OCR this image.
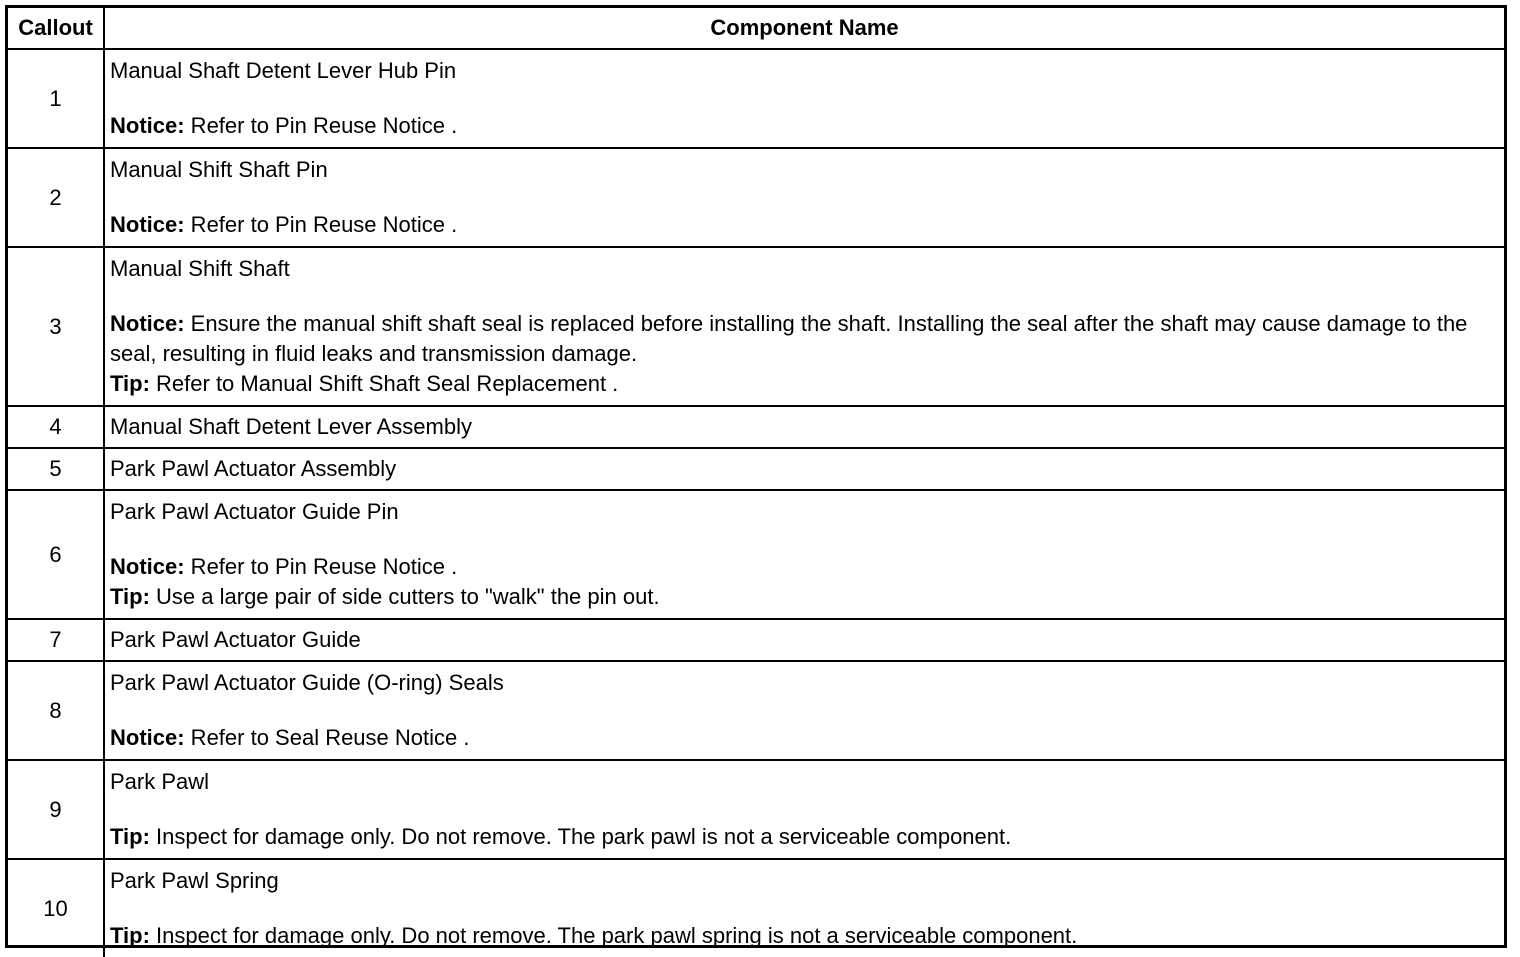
Callout	Component Name
1	Manual Shaft Detent Lever Hub Pin
Notice: Refer to Pin Reuse Notice .

2	Manual Shift Shaft Pin
Notice: Refer to Pin Reuse Notice .

3	Manual Shift Shaft
Notice: Ensure the manual shift shaft seal is replaced before installing the shaft. Installing the seal after the shaft may cause damage to the seal, resulting in fluid leaks and transmission damage.
Tip: Refer to Manual Shift Shaft Seal Replacement .

4	Manual Shaft Detent Lever Assembly

5	Park Pawl Actuator Assembly

6	Park Pawl Actuator Guide Pin
Notice: Refer to Pin Reuse Notice .
Tip: Use a large pair of side cutters to "walk" the pin out.

7	Park Pawl Actuator Guide

8	Park Pawl Actuator Guide (O-ring) Seals
Notice: Refer to Seal Reuse Notice .

9	Park Pawl
Tip: Inspect for damage only. Do not remove. The park pawl is not a serviceable component.

10	Park Pawl Spring
Tip: Inspect for damage only. Do not remove. The park pawl spring is not a serviceable component.
